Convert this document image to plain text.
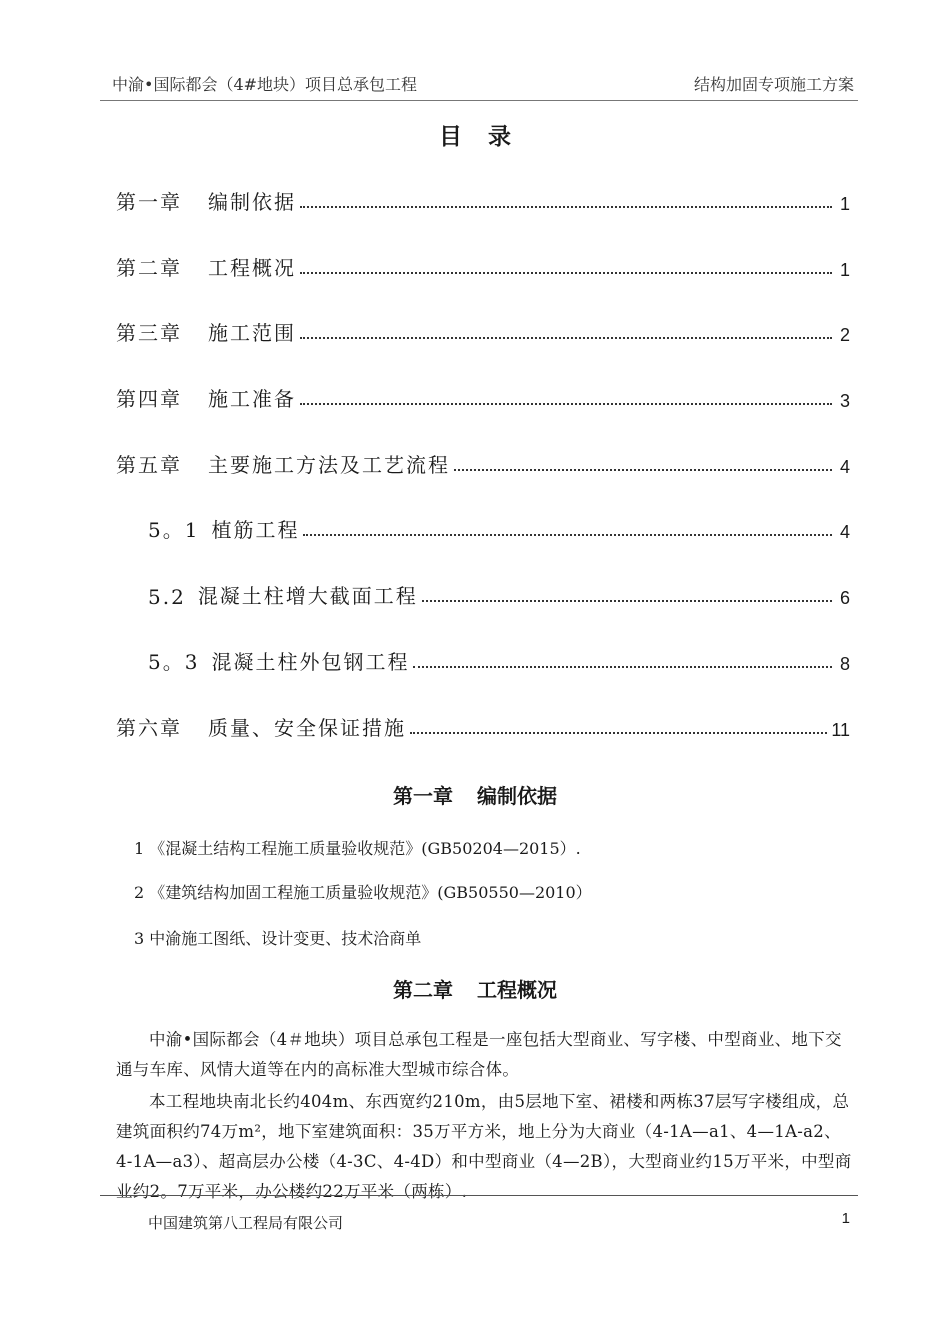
中渝•国际都会（4#地块）项目总承包工程	结构加固专项施工方案
目 录
第一章 编制依据	1
第二章 工程概况	1
第三章 施工范围	2
第四章 施工准备	3
第五章 主要施工方法及工艺流程	4
5。1 植筋工程	4
5.2 混凝土柱增大截面工程	6
5。3 混凝土柱外包钢工程	8
第六章 质量、安全保证措施	11
第一章 编制依据
1 《混凝土结构工程施工质量验收规范》(GB50204—2015）.
2 《建筑结构加固工程施工质量验收规范》(GB50550—2010）
3 中渝施工图纸、设计变更、技术洽商单
第二章 工程概况
中渝•国际都会（4＃地块）项目总承包工程是一座包括大型商业、写字楼、中型商业、地下交通与车库、风情大道等在内的高标准大型城市综合体。
本工程地块南北长约404m、东西宽约210m，由5层地下室、裙楼和两栋37层写字楼组成，总建筑面积约74万m²，地下室建筑面积：35万平方米，地上分为大商业（4-1A—a1、4—1A-a2、4-1A—a3）、超高层办公楼（4-3C、4-4D）和中型商业（4—2B），大型商业约15万平米，中型商业约2。7万平米，办公楼约22万平米（两栋）.
中国建筑第八工程局有限公司	1
